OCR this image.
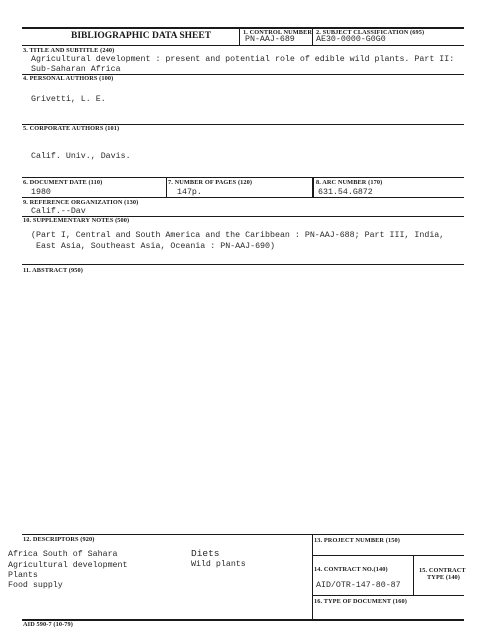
BIBLIOGRAPHIC DATA SHEET	1. CONTROL NUMBER
PN-AAJ-689
2. SUBJECT CLASSIFICATION (695)
AE30-0000-G0G0
3. TITLE AND SUBTITLE (240)
Agricultural development : present and potential role of edible wild plants. Part II:
Sub-Saharan Africa
4. PERSONAL AUTHORS (100)
Grivetti, L. E.
5. CORPORATE AUTHORS (101)
Calif. Univ., Davis.
6. DOCUMENT DATE (110)
1980
7. NUMBER OF PAGES (120)
147p.
8. ARC NUMBER (170)
631.54.G872
9. REFERENCE ORGANIZATION (130)
Calif.--Dav
10. SUPPLEMENTARY NOTES (500)
(Part I, Central and South America and the Caribbean : PN-AAJ-688; Part III, India,
East Asia, Southeast Asia, Oceania : PN-AAJ-690)
11. ABSTRACT (950)
12. DESCRIPTORS (920)
Africa South of Sahara
Agricultural development
Plants
Food supply
Diets
Wild plants
13. PROJECT NUMBER (150)
14. CONTRACT NO.(140)
AID/OTR-147-80-87
15. CONTRACT
TYPE (140)
16. TYPE OF DOCUMENT (160)
AID 590-7 (10-79)
